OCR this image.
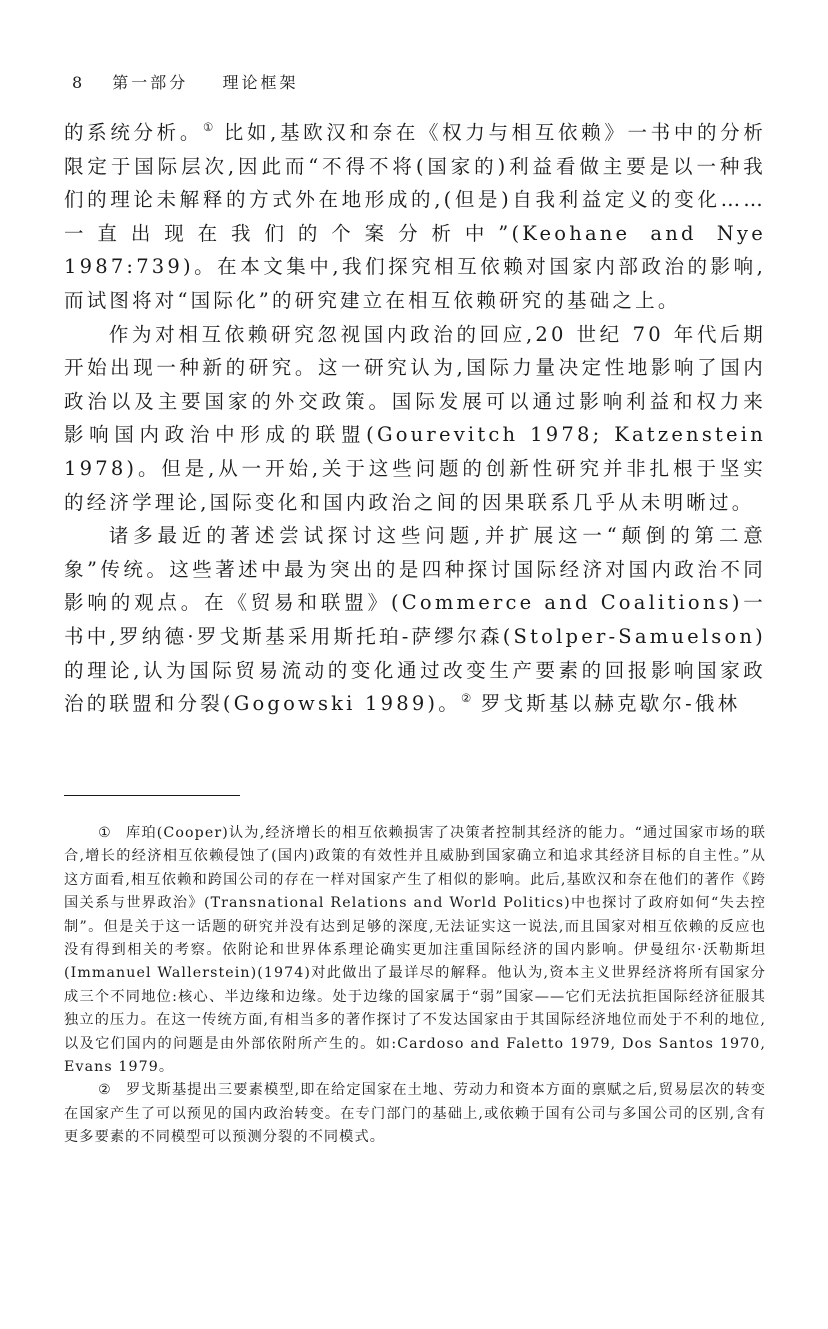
8 第一部分 理论框架

的系统分析。① 比如,基欧汉和奈在《权力与相互依赖》一书中的分析限定于国际层次,因此而“不得不将(国家的)利益看做主要是以一种我们的理论未解释的方式外在地形成的,(但是)自我利益定义的变化……一直出现在我们的个案分析中”(Keohane and Nye 1987:739)。在本文集中,我们探究相互依赖对国家内部政治的影响,而试图将对“国际化”的研究建立在相互依赖研究的基础之上。

作为对相互依赖研究忽视国内政治的回应,20 世纪 70 年代后期开始出现一种新的研究。这一研究认为,国际力量决定性地影响了国内政治以及主要国家的外交政策。国际发展可以通过影响利益和权力来影响国内政治中形成的联盟(Gourevitch 1978; Katzenstein 1978)。但是,从一开始,关于这些问题的创新性研究并非扎根于坚实的经济学理论,国际变化和国内政治之间的因果联系几乎从未明晰过。

诸多最近的著述尝试探讨这些问题,并扩展这一“颠倒的第二意象”传统。这些著述中最为突出的是四种探讨国际经济对国内政治不同影响的观点。在《贸易和联盟》(Commerce and Coalitions)一书中,罗纳德·罗戈斯基采用斯托珀-萨缪尔森(Stolper-Samuelson)的理论,认为国际贸易流动的变化通过改变生产要素的回报影响国家政治的联盟和分裂(Gogowski 1989)。② 罗戈斯基以赫克歇尔-俄林

① 库珀(Cooper)认为,经济增长的相互依赖损害了决策者控制其经济的能力。“通过国家市场的联合,增长的经济相互依赖侵蚀了(国内)政策的有效性并且威胁到国家确立和追求其经济目标的自主性。”从这方面看,相互依赖和跨国公司的存在一样对国家产生了相似的影响。此后,基欧汉和奈在他们的著作《跨国关系与世界政治》(Transnational Relations and World Politics)中也探讨了政府如何“失去控制”。但是关于这一话题的研究并没有达到足够的深度,无法证实这一说法,而且国家对相互依赖的反应也没有得到相关的考察。依附论和世界体系理论确实更加注重国际经济的国内影响。伊曼纽尔·沃勒斯坦(Immanuel Wallerstein)(1974)对此做出了最详尽的解释。他认为,资本主义世界经济将所有国家分成三个不同地位:核心、半边缘和边缘。处于边缘的国家属于“弱”国家——它们无法抗拒国际经济征服其独立的压力。在这一传统方面,有相当多的著作探讨了不发达国家由于其国际经济地位而处于不利的地位,以及它们国内的问题是由外部依附所产生的。如:Cardoso and Faletto 1979, Dos Santos 1970, Evans 1979。

② 罗戈斯基提出三要素模型,即在给定国家在土地、劳动力和资本方面的禀赋之后,贸易层次的转变在国家产生了可以预见的国内政治转变。在专门部门的基础上,或依赖于国有公司与多国公司的区别,含有更多要素的不同模型可以预测分裂的不同模式。
